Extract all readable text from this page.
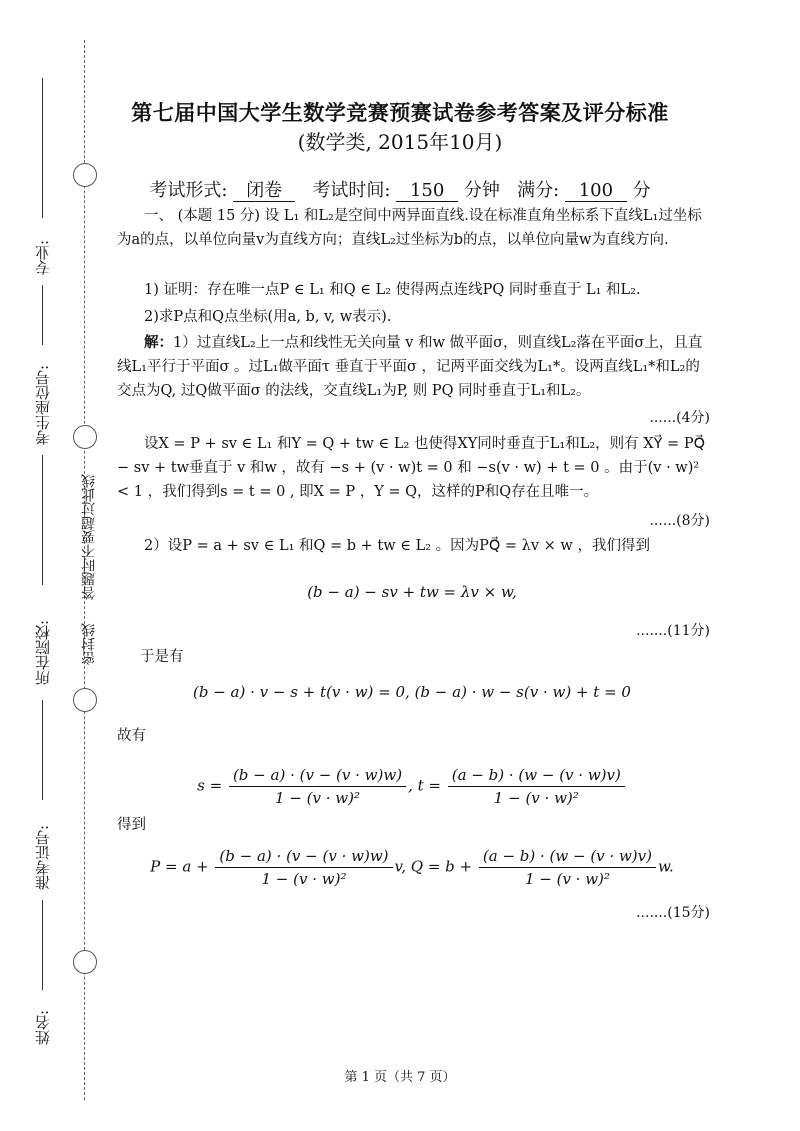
专业:
考生座位号:
所在院校:
准考证号:
姓名:
密封线
答题时不要超过此线
第七届中国大学生数学竞赛预赛试卷参考答案及评分标准
(数学类, 2015年10月)
考试形式: 闭卷 考试时间: 150 分钟 满分: 100 分
一、 (本题 15 分) 设 L₁ 和L₂是空间中两异面直线.设在标准直角坐标系下直线L₁过坐标为a的点，以单位向量v为直线方向；直线L₂过坐标为b的点，以单位向量w为直线方向.
1) 证明：存在唯一点P ∈ L₁ 和Q ∈ L₂ 使得两点连线PQ 同时垂直于 L₁ 和L₂.
2)求P点和Q点坐标(用a, b, v, w表示).
解：1）过直线L₂上一点和线性无关向量 v 和w 做平面σ，则直线L₂落在平面σ上，且直线L₁平行于平面σ 。过L₁做平面τ 垂直于平面σ ，记两平面交线为L₁*。设两直线L₁*和L₂的交点为Q, 过Q做平面σ 的法线，交直线L₁为P, 则 PQ 同时垂直于L₁和L₂。
......(4分)
设X = P + sv ∈ L₁ 和Y = Q + tw ∈ L₂ 也使得XY同时垂直于L₁和L₂，则有 XY⃗ = PQ⃗ − sv + tw垂直于 v 和w ，故有 −s + (v · w)t = 0 和 −s(v · w) + t = 0 。由于(v · w)² < 1 ，我们得到s = t = 0 , 即X = P ，Y = Q，这样的P和Q存在且唯一。
......(8分)
2）设P = a + sv ∈ L₁ 和Q = b + tw ∈ L₂ 。因为PQ⃗ = λv × w ，我们得到
(b − a) − sv + tw = λv × w,
.......(11分)
于是有
(b − a) · v − s + t(v · w) = 0, (b − a) · w − s(v · w) + t = 0
故有
$s = \frac{(b - a) \cdot (v - (v \cdot w)w)}{\text{1 − (v · w)²}}$ , $t = \frac{(a - b) \cdot (w - (v \cdot w)v)}{\text{1 − (v · w)²}}$
得到
$P = a + \frac{(b - a) \cdot (v - (v \cdot w)w)}{\text{1 − (v · w)²}} v$, $Q = b + \frac{(a - b) \cdot (w - (v \cdot w)v)}{\text{1 − (v · w)²}} w$.
.......(15分)
第 1 页（共 7 页）
